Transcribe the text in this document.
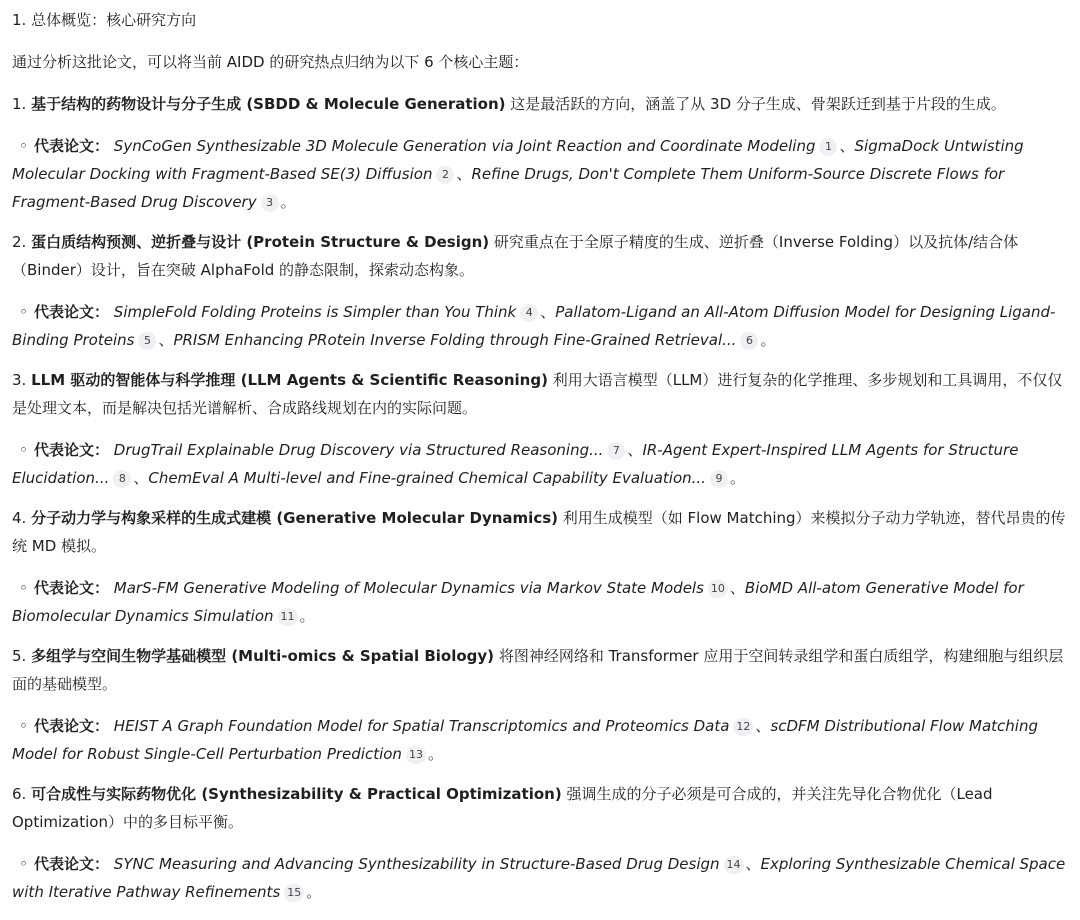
1. 总体概览：核心研究方向

通过分析这批论文，可以将当前 AIDD 的研究热点归纳为以下 6 个核心主题：

1. 基于结构的药物设计与分子生成 (SBDD & Molecule Generation) 这是最活跃的方向，涵盖了从 3D 分子生成、骨架跃迁到基于片段的生成。

◦ 代表论文： SynCoGen Synthesizable 3D Molecule Generation via Joint Reaction and Coordinate Modeling 1 、SigmaDock Untwisting Molecular Docking with Fragment-Based SE(3) Diffusion 2 、Refine Drugs, Don't Complete Them Uniform-Source Discrete Flows for Fragment-Based Drug Discovery 3 。

2. 蛋白质结构预测、逆折叠与设计 (Protein Structure & Design) 研究重点在于全原子精度的生成、逆折叠（Inverse Folding）以及抗体/结合体（Binder）设计，旨在突破 AlphaFold 的静态限制，探索动态构象。

◦ 代表论文： SimpleFold Folding Proteins is Simpler than You Think 4 、Pallatom-Ligand an All-Atom Diffusion Model for Designing Ligand-Binding Proteins 5 、PRISM Enhancing PRotein Inverse Folding through Fine-Grained Retrieval... 6 。

3. LLM 驱动的智能体与科学推理 (LLM Agents & Scientific Reasoning) 利用大语言模型（LLM）进行复杂的化学推理、多步规划和工具调用，不仅仅是处理文本，而是解决包括光谱解析、合成路线规划在内的实际问题。

◦ 代表论文： DrugTrail Explainable Drug Discovery via Structured Reasoning... 7 、IR-Agent Expert-Inspired LLM Agents for Structure Elucidation... 8 、ChemEval A Multi-level and Fine-grained Chemical Capability Evaluation... 9 。

4. 分子动力学与构象采样的生成式建模 (Generative Molecular Dynamics) 利用生成模型（如 Flow Matching）来模拟分子动力学轨迹，替代昂贵的传统 MD 模拟。

◦ 代表论文： MarS-FM Generative Modeling of Molecular Dynamics via Markov State Models 10 、BioMD All-atom Generative Model for Biomolecular Dynamics Simulation 11 。

5. 多组学与空间生物学基础模型 (Multi-omics & Spatial Biology) 将图神经网络和 Transformer 应用于空间转录组学和蛋白质组学，构建细胞与组织层面的基础模型。

◦ 代表论文： HEIST A Graph Foundation Model for Spatial Transcriptomics and Proteomics Data 12 、scDFM Distributional Flow Matching Model for Robust Single-Cell Perturbation Prediction 13 。

6. 可合成性与实际药物优化 (Synthesizability & Practical Optimization) 强调生成的分子必须是可合成的，并关注先导化合物优化（Lead Optimization）中的多目标平衡。

◦ 代表论文： SYNC Measuring and Advancing Synthesizability in Structure-Based Drug Design 14 、Exploring Synthesizable Chemical Space with Iterative Pathway Refinements 15 。
